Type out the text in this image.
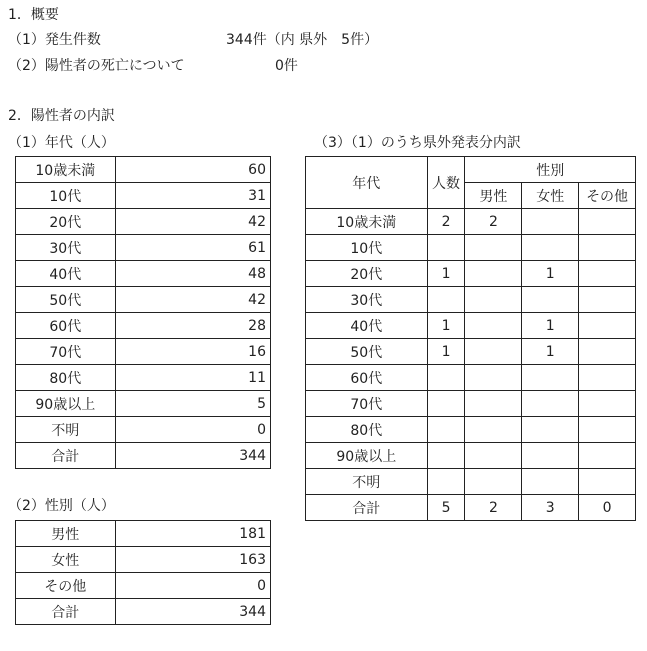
1．概要
（1）発生件数	344件（内 県外　5件）
（2）陽性者の死亡について	0件
2．陽性者の内訳
（1）年代（人）	（3）（1）のうち県外発表分内訳
10歳未満	60
10代	31
20代	42
30代	61
40代	48
50代	42
60代	28
70代	16
80代	11
90歳以上	5
不明	0
合計	344
（2）性別（人）
男性	181
女性	163
その他	0
合計	344
年代	人数	性別		
		男性	女性	その他
10歳未満	2	2		
10代				
20代	1		1	
30代				
40代	1		1	
50代	1		1	
60代				
70代				
80代				
90歳以上				
不明				
合計	5	2	3	0
